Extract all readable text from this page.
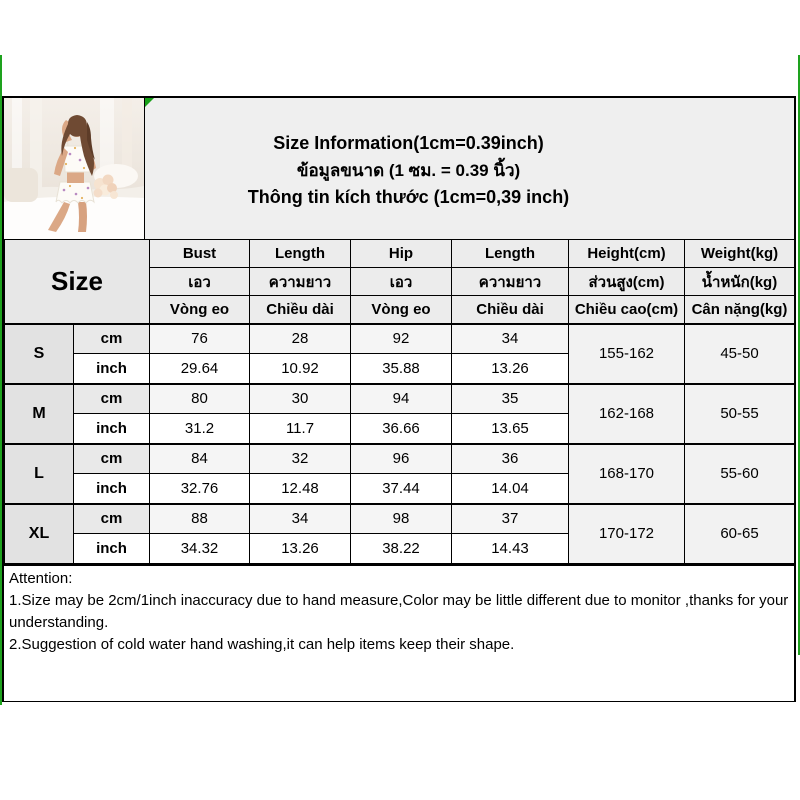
Size Information(1cm=0.39inch)
ข้อมูลขนาด (1 ซม. = 0.39 นิ้ว)
Thông tin kích thước (1cm=0,39 inch)
Size		Bust	Length	Hip	Length	Height(cm)	Weight(kg)
		เอว	ความยาว	เอว	ความยาว	ส่วนสูง(cm)	น้ำหนัก(kg)
		Vòng eo	Chiều dài	Vòng eo	Chiều dài	Chiều cao(cm)	Cân nặng(kg)
S	cm	76	28	92	34	155-162	45-50
	inch	29.64	10.92	35.88	13.26		
M	cm	80	30	94	35	162-168	50-55
	inch	31.2	11.7	36.66	13.65		
L	cm	84	32	96	36	168-170	55-60
	inch	32.76	12.48	37.44	14.04		
XL	cm	88	34	98	37	170-172	60-65
	inch	34.32	13.26	38.22	14.43		
Attention:
1.Size may be 2cm/1inch inaccuracy due to hand measure,Color may be little different due to monitor ,thanks for your understanding.
2.Suggestion of cold water hand washing,it can help items keep their shape.
